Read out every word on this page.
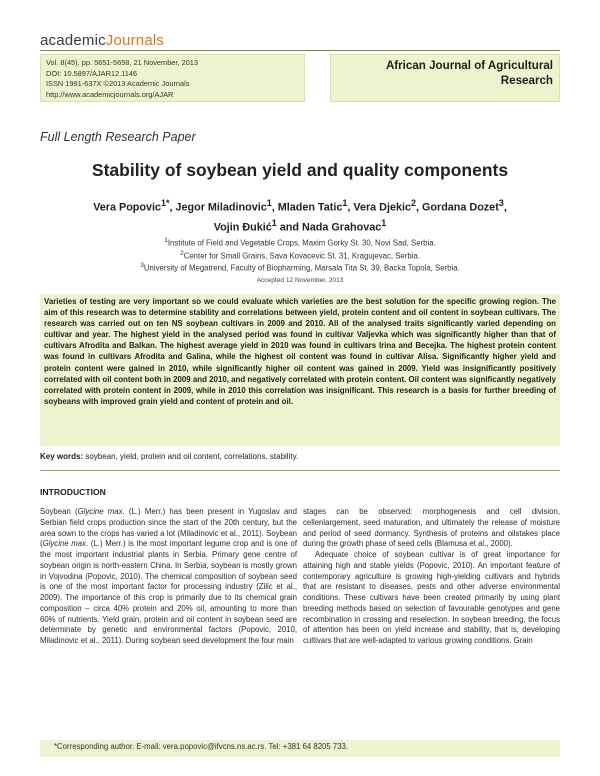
academicJournals
Vol. 8(45), pp. 5651-5658, 21 November, 2013
DOI: 10.5897/AJAR12.1146
ISSN 1991-637X ©2013 Academic Journals
http://www.academicjournals.org/AJAR
African Journal of Agricultural
Research
Full Length Research Paper
Stability of soybean yield and quality components
Vera Popovic$^{1*}$, Jegor Miladinovic$^1$, Mladen Tatic$^1$, Vera Djekic$^2$, Gordana Dozet$^3$,
Vojin Đukić$^1$ and Nada Grahovac$^1$
$^1$Institute of Field and Vegetable Crops, Maxim Gorky St. 30, Novi Sad, Serbia.
$^2$Center for Small Grains, Sava Kovacevic St. 31, Kragujevac, Serbia.
$^3$University of Megatrend, Faculty of Biopharming, Marsala Tita St. 39, Backa Topola, Serbia.
Accepted 12 November, 2013
Varieties of testing are very important so we could evaluate which varieties are the best solution for the specific growing region. The aim of this research was to determine stability and correlations between yield, protein content and oil content in soybean cultivars. The research was carried out on ten NS soybean cultivars in 2009 and 2010. All of the analysed traits significantly varied depending on cultivar and year. The highest yield in the analysed period was found in cultivar Valjevka which was significantly higher than that of cultivars Afrodita and Balkan. The highest average yield in 2010 was found in cultivars Irina and Becejka. The highest protein content was found in cultivars Afrodita and Galina, while the highest oil content was found in cultivar Alisa. Significantly higher yield and protein content were gained in 2010, while significantly higher oil content was gained in 2009. Yield was insignificantly positively correlated with oil content both in 2009 and 2010, and negatively correlated with protein content. Oil content was significantly negatively correlated with protein content in 2009, while in 2010 this correlation was insignificant. This research is a basis for further breeding of soybeans with improved grain yield and content of protein and oil.
Key words: soybean, yield, protein and oil content, correlations, stability.
INTRODUCTION

Soybean (Glycine max. (L.) Merr.) has been present in Yugoslav and Serbian field crops production since the start of the 20th century, but the area sown to the crops has varied a lot (Miladinovic et al., 2011). Soybean (Glycine max. (L.) Merr.) is the most important legume crop and is one of the most important industrial plants in Serbia. Primary gene centre of soybean origin is north-eastern China. In Serbia, soybean is mostly grown in Vojvodina (Popovic, 2010). The chemical composition of soybean seed is one of the most important factor for processing industry (Zilic et al., 2009). The importance of this crop is primarily due to its chemical grain composition – circa 40% protein and 20% oil, amounting to more than 60% of nutrients. Yield grain, protein and oil content in soybean seed are determinate by genetic and environmental factors (Popovic, 2010, Miladinovic et al., 2011). During soybean seed development the four main

stages can be observed: morphogenesis and cell division, cellenlargement, seed maturation, and ultimately the release of moisture and period of seed dormancy. Synthesis of proteins and oilstakes place during the growth phase of seed cells (Blamusa et al., 2000).

Adequate choice of soybean cultivar is of great importance for attaining high and stable yields (Popovic, 2010). An important feature of contemporary agriculture is growing high-yielding cultivars and hybrids that are resistant to diseases, pests and other adverse environmental conditions. These cultivars have been created primarily by using plant breeding methods based on selection of favourable genotypes and gene recombination in crossing and reselection. In soybean breeding, the focus of attention has been on yield increase and stability, that is, developing cultivars that are well-adapted to various growing conditions. Grain

*Corresponding author. E-mail: vera.popovic@ifvcns.ns.ac.rs. Tel: +381 64 8205 733.
